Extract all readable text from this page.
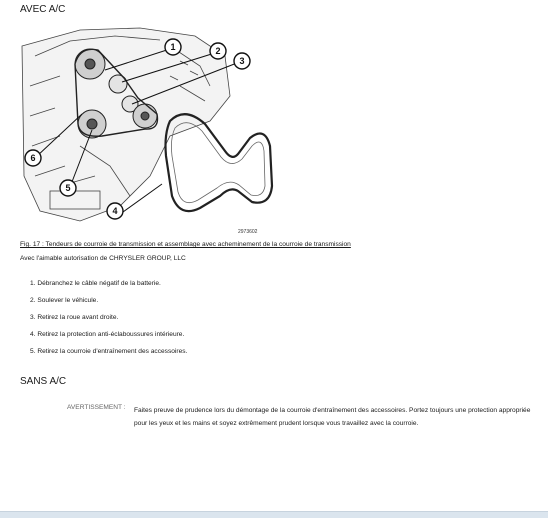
AVEC A/C
1	2
3
4
5
6
2973602
Fig. 17 : Tendeurs de courroie de transmission et assemblage avec acheminement de la courroie de transmission
Avec l'aimable autorisation de CHRYSLER GROUP, LLC
1. Débranchez le câble négatif de la batterie.
2. Soulever le véhicule.
3. Retirez la roue avant droite.
4. Retirez la protection anti-éclaboussures intérieure.
5. Retirez la courroie d'entraînement des accessoires.
SANS A/C
AVERTISSEMENT : Faites preuve de prudence lors du démontage de la courroie d'entraînement des accessoires. Portez toujours une protection appropriée pour les yeux et les mains et soyez extrêmement prudent lorsque vous travaillez avec la courroie.
